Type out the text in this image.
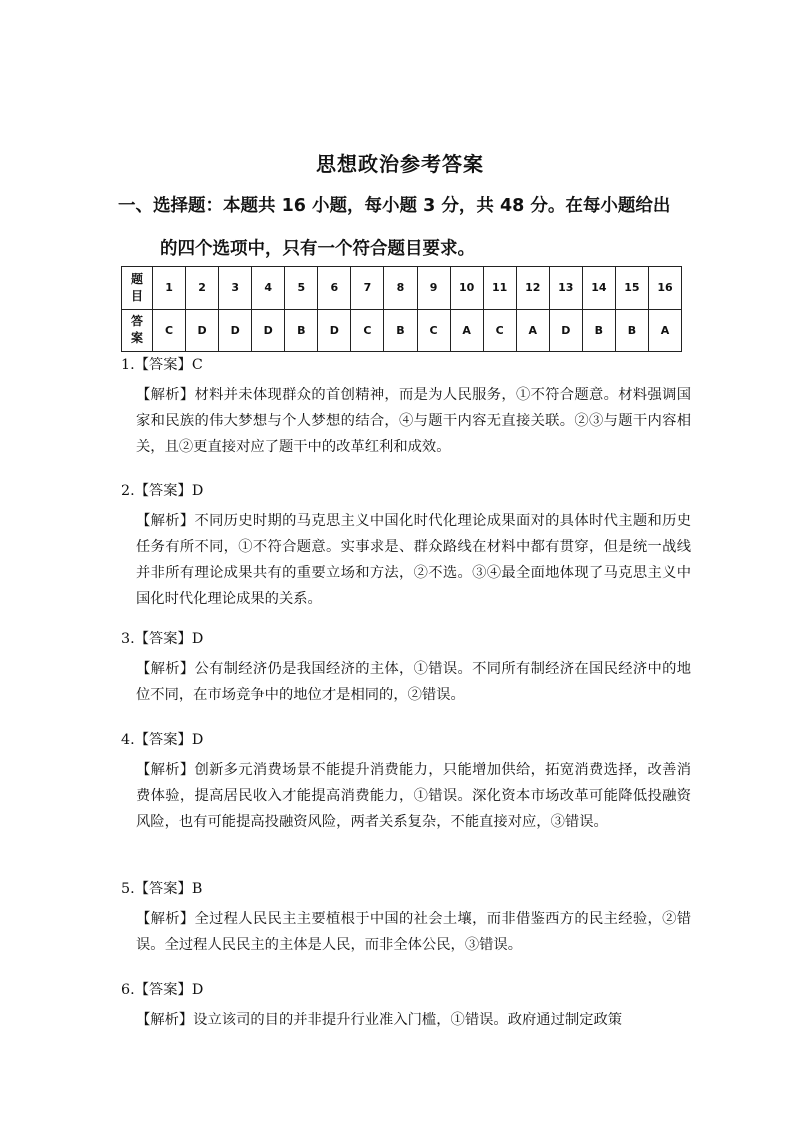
思想政治参考答案
一、选择题：本题共 16 小题，每小题 3 分，共 48 分。在每小题给出
的四个选项中，只有一个符合题目要求。
题
目	1	2	3	4	5	6	7	8	9	10	11	12	13	14	15	16

答
案	C	D	D	D	B	D	C	B	C	A	C	A	D	B	B	A
1.【答案】C
【解析】材料并未体现群众的首创精神，而是为人民服务，①不符合题意。材料强调国家和民族的伟大梦想与个人梦想的结合，④与题干内容无直接关联。②③与题干内容相关，且②更直接对应了题干中的改革红利和成效。
2.【答案】D
【解析】不同历史时期的马克思主义中国化时代化理论成果面对的具体时代主题和历史任务有所不同，①不符合题意。实事求是、群众路线在材料中都有贯穿，但是统一战线并非所有理论成果共有的重要立场和方法，②不选。③④最全面地体现了马克思主义中国化时代化理论成果的关系。
3.【答案】D
【解析】公有制经济仍是我国经济的主体，①错误。不同所有制经济在国民经济中的地位不同，在市场竞争中的地位才是相同的，②错误。
4.【答案】D
【解析】创新多元消费场景不能提升消费能力，只能增加供给，拓宽消费选择，改善消费体验，提高居民收入才能提高消费能力，①错误。深化资本市场改革可能降低投融资风险，也有可能提高投融资风险，两者关系复杂，不能直接对应，③错误。
5.【答案】B
【解析】全过程人民民主主要植根于中国的社会土壤，而非借鉴西方的民主经验，②错误。全过程人民民主的主体是人民，而非全体公民，③错误。
6.【答案】D
【解析】设立该司的目的并非提升行业准入门槛，①错误。政府通过制定政策
